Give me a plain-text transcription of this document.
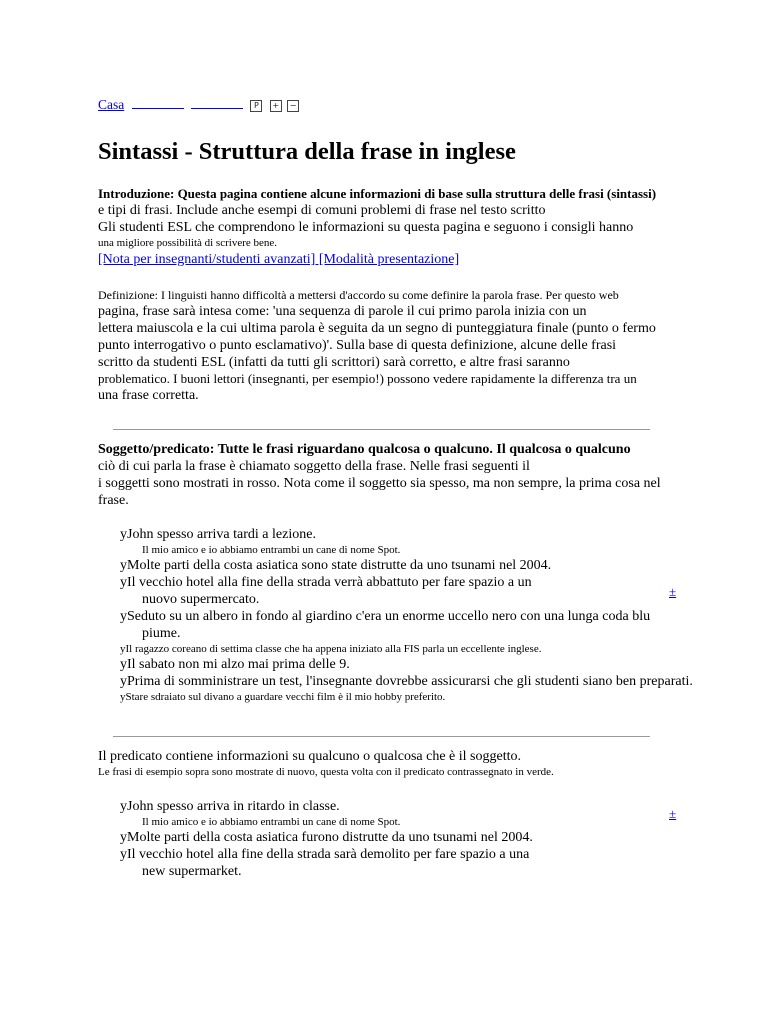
Casa	P + −
Sintassi - Struttura della frase in inglese
Introduzione: Questa pagina contiene alcune informazioni di base sulla struttura delle frasi (sintassi)
e tipi di frasi. Include anche esempi di comuni problemi di frase nel testo scritto
Gli studenti ESL che comprendono le informazioni su questa pagina e seguono i consigli hanno
una migliore possibilità di scrivere bene.
[Nota per insegnanti/studenti avanzati] [Modalità presentazione]
Definizione: I linguisti hanno difficoltà a mettersi d'accordo su come definire la parola frase. Per questo web
pagina, frase sarà intesa come: 'una sequenza di parole il cui primo parola inizia con un
lettera maiuscola e la cui ultima parola è seguita da un segno di punteggiatura finale (punto o fermo
punto interrogativo o punto esclamativo)'. Sulla base di questa definizione, alcune delle frasi
scritto da studenti ESL (infatti da tutti gli scrittori) sarà corretto, e altre frasi saranno
problematico. I buoni lettori (insegnanti, per esempio!) possono vedere rapidamente la differenza tra un
una frase corretta.
Soggetto/predicato: Tutte le frasi riguardano qualcosa o qualcuno. Il qualcosa o qualcuno
ciò di cui parla la frase è chiamato soggetto della frase. Nelle frasi seguenti il
i soggetti sono mostrati in rosso. Nota come il soggetto sia spesso, ma non sempre, la prima cosa nel
frase.
yJohn spesso arriva tardi a lezione.
Il mio amico e io abbiamo entrambi un cane di nome Spot.
yMolte parti della costa asiatica sono state distrutte da uno tsunami nel 2004.
yIl vecchio hotel alla fine della strada verrà abbattuto per fare spazio a un
nuovo supermercato.
ySeduto su un albero in fondo al giardino c'era un enorme uccello nero con una lunga coda blu
piume.
yIl ragazzo coreano di settima classe che ha appena iniziato alla FIS parla un eccellente inglese.
yIl sabato non mi alzo mai prima delle 9.
yPrima di somministrare un test, l'insegnante dovrebbe assicurarsi che gli studenti siano ben preparati.
yStare sdraiato sul divano a guardare vecchi film è il mio hobby preferito.
±
Il predicato contiene informazioni su qualcuno o qualcosa che è il soggetto.
Le frasi di esempio sopra sono mostrate di nuovo, questa volta con il predicato contrassegnato in verde.
yJohn spesso arriva in ritardo in classe.
Il mio amico e io abbiamo entrambi un cane di nome Spot.
yMolte parti della costa asiatica furono distrutte da uno tsunami nel 2004.
yIl vecchio hotel alla fine della strada sarà demolito per fare spazio a una
new supermarket.
±
